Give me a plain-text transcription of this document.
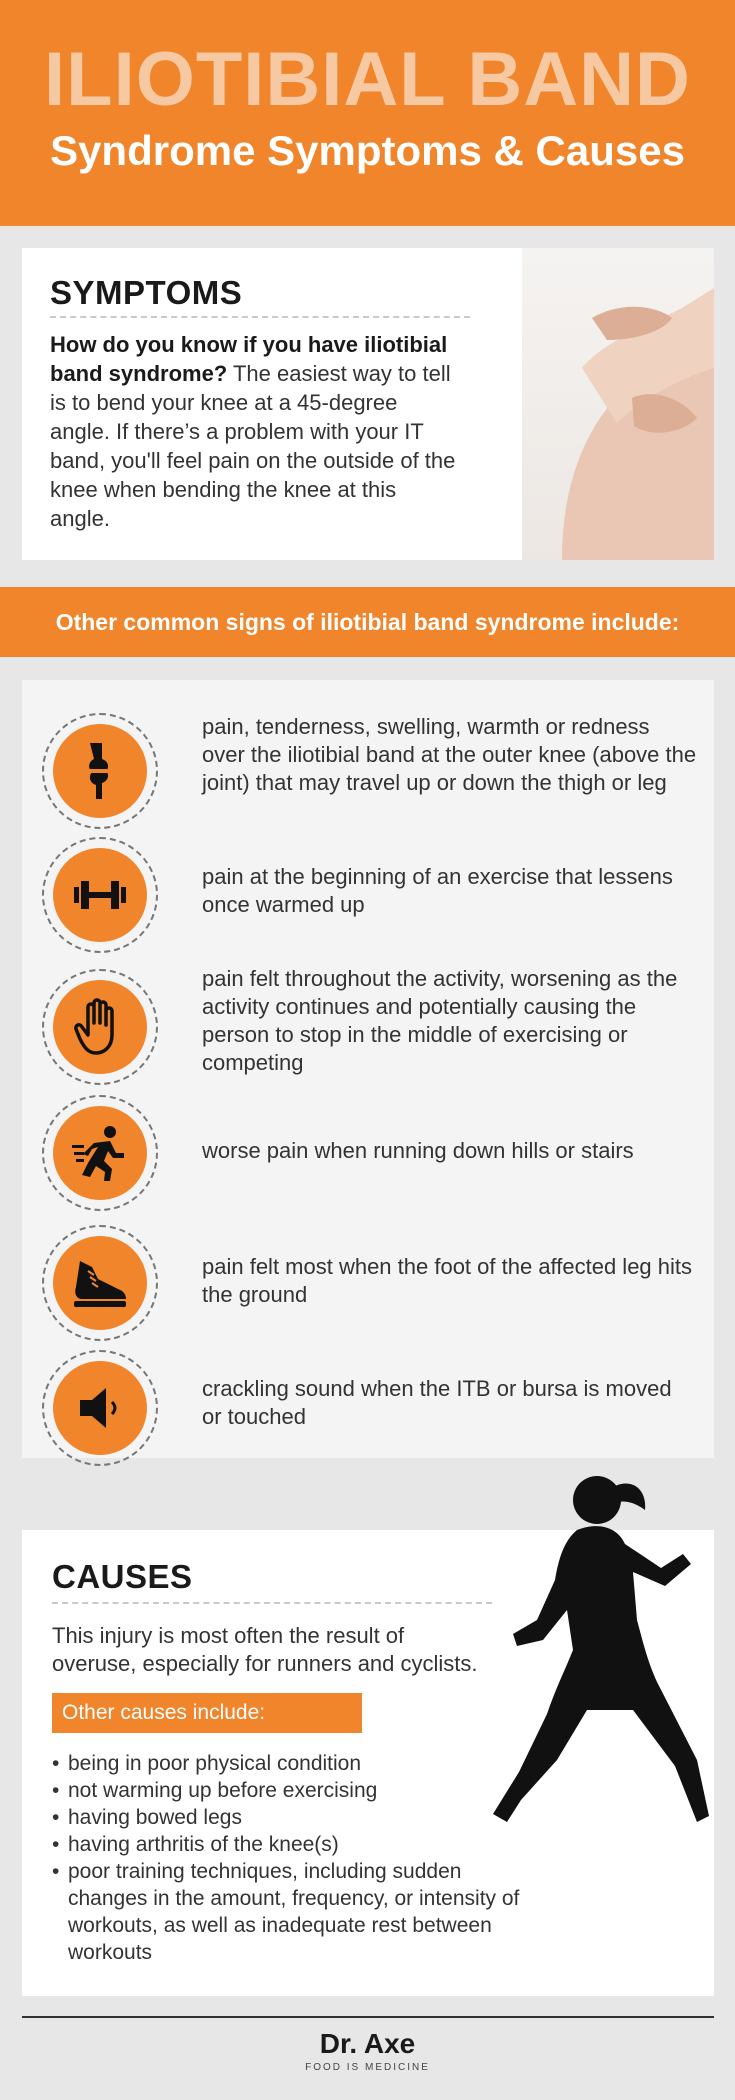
ILIOTIBIAL BAND
Syndrome Symptoms & Causes
SYMPTOMS
How do you know if you have iliotibial band syndrome? The easiest way to tell is to bend your knee at a 45-degree angle. If there’s a problem with your IT band, you'll feel pain on the outside of the knee when bending the knee at this angle.
Other common signs of iliotibial band syndrome include:
pain, tenderness, swelling, warmth or redness over the iliotibial band at the outer knee (above the joint) that may travel up or down the thigh or leg
pain at the beginning of an exercise that lessens once warmed up
pain felt throughout the activity, worsening as the activity continues and potentially causing the person to stop in the middle of exercising or competing
worse pain when running down hills or stairs
pain felt most when the foot of the affected leg hits the ground
crackling sound when the ITB or bursa is moved or touched
CAUSES
This injury is most often the result of overuse, especially for runners and cyclists.
Other causes include:
• being in poor physical condition
• not warming up before exercising
• having bowed legs
• having arthritis of the knee(s)
• poor training techniques, including sudden changes in the amount, frequency, or intensity of workouts, as well as inadequate rest between workouts
Dr. Axe
FOOD IS MEDICINE
